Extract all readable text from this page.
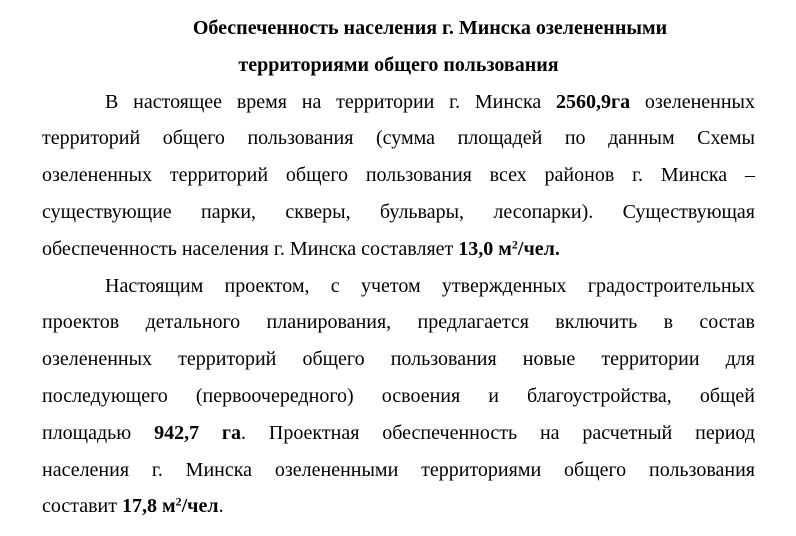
Обеспеченность населения г. Минска озелененными
территориями общего пользования
В настоящее время на территории г. Минска 2560,9га озелененных
территорий общего пользования (сумма площадей по данным Схемы
озелененных территорий общего пользования всех районов г. Минска –
существующие парки, скверы, бульвары, лесопарки). Существующая
обеспеченность населения г. Минска составляет 13,0 $м^2$/чел.
Настоящим проектом, с учетом утвержденных градостроительных
проектов детального планирования, предлагается включить в состав
озелененных территорий общего пользования новые территории для
последующего (первоочередного) освоения и благоустройства, общей
площадью 942,7 га. Проектная обеспеченность на расчетный период
населения г. Минска озелененными территориями общего пользования
составит 17,8 $м^2$/чел.
